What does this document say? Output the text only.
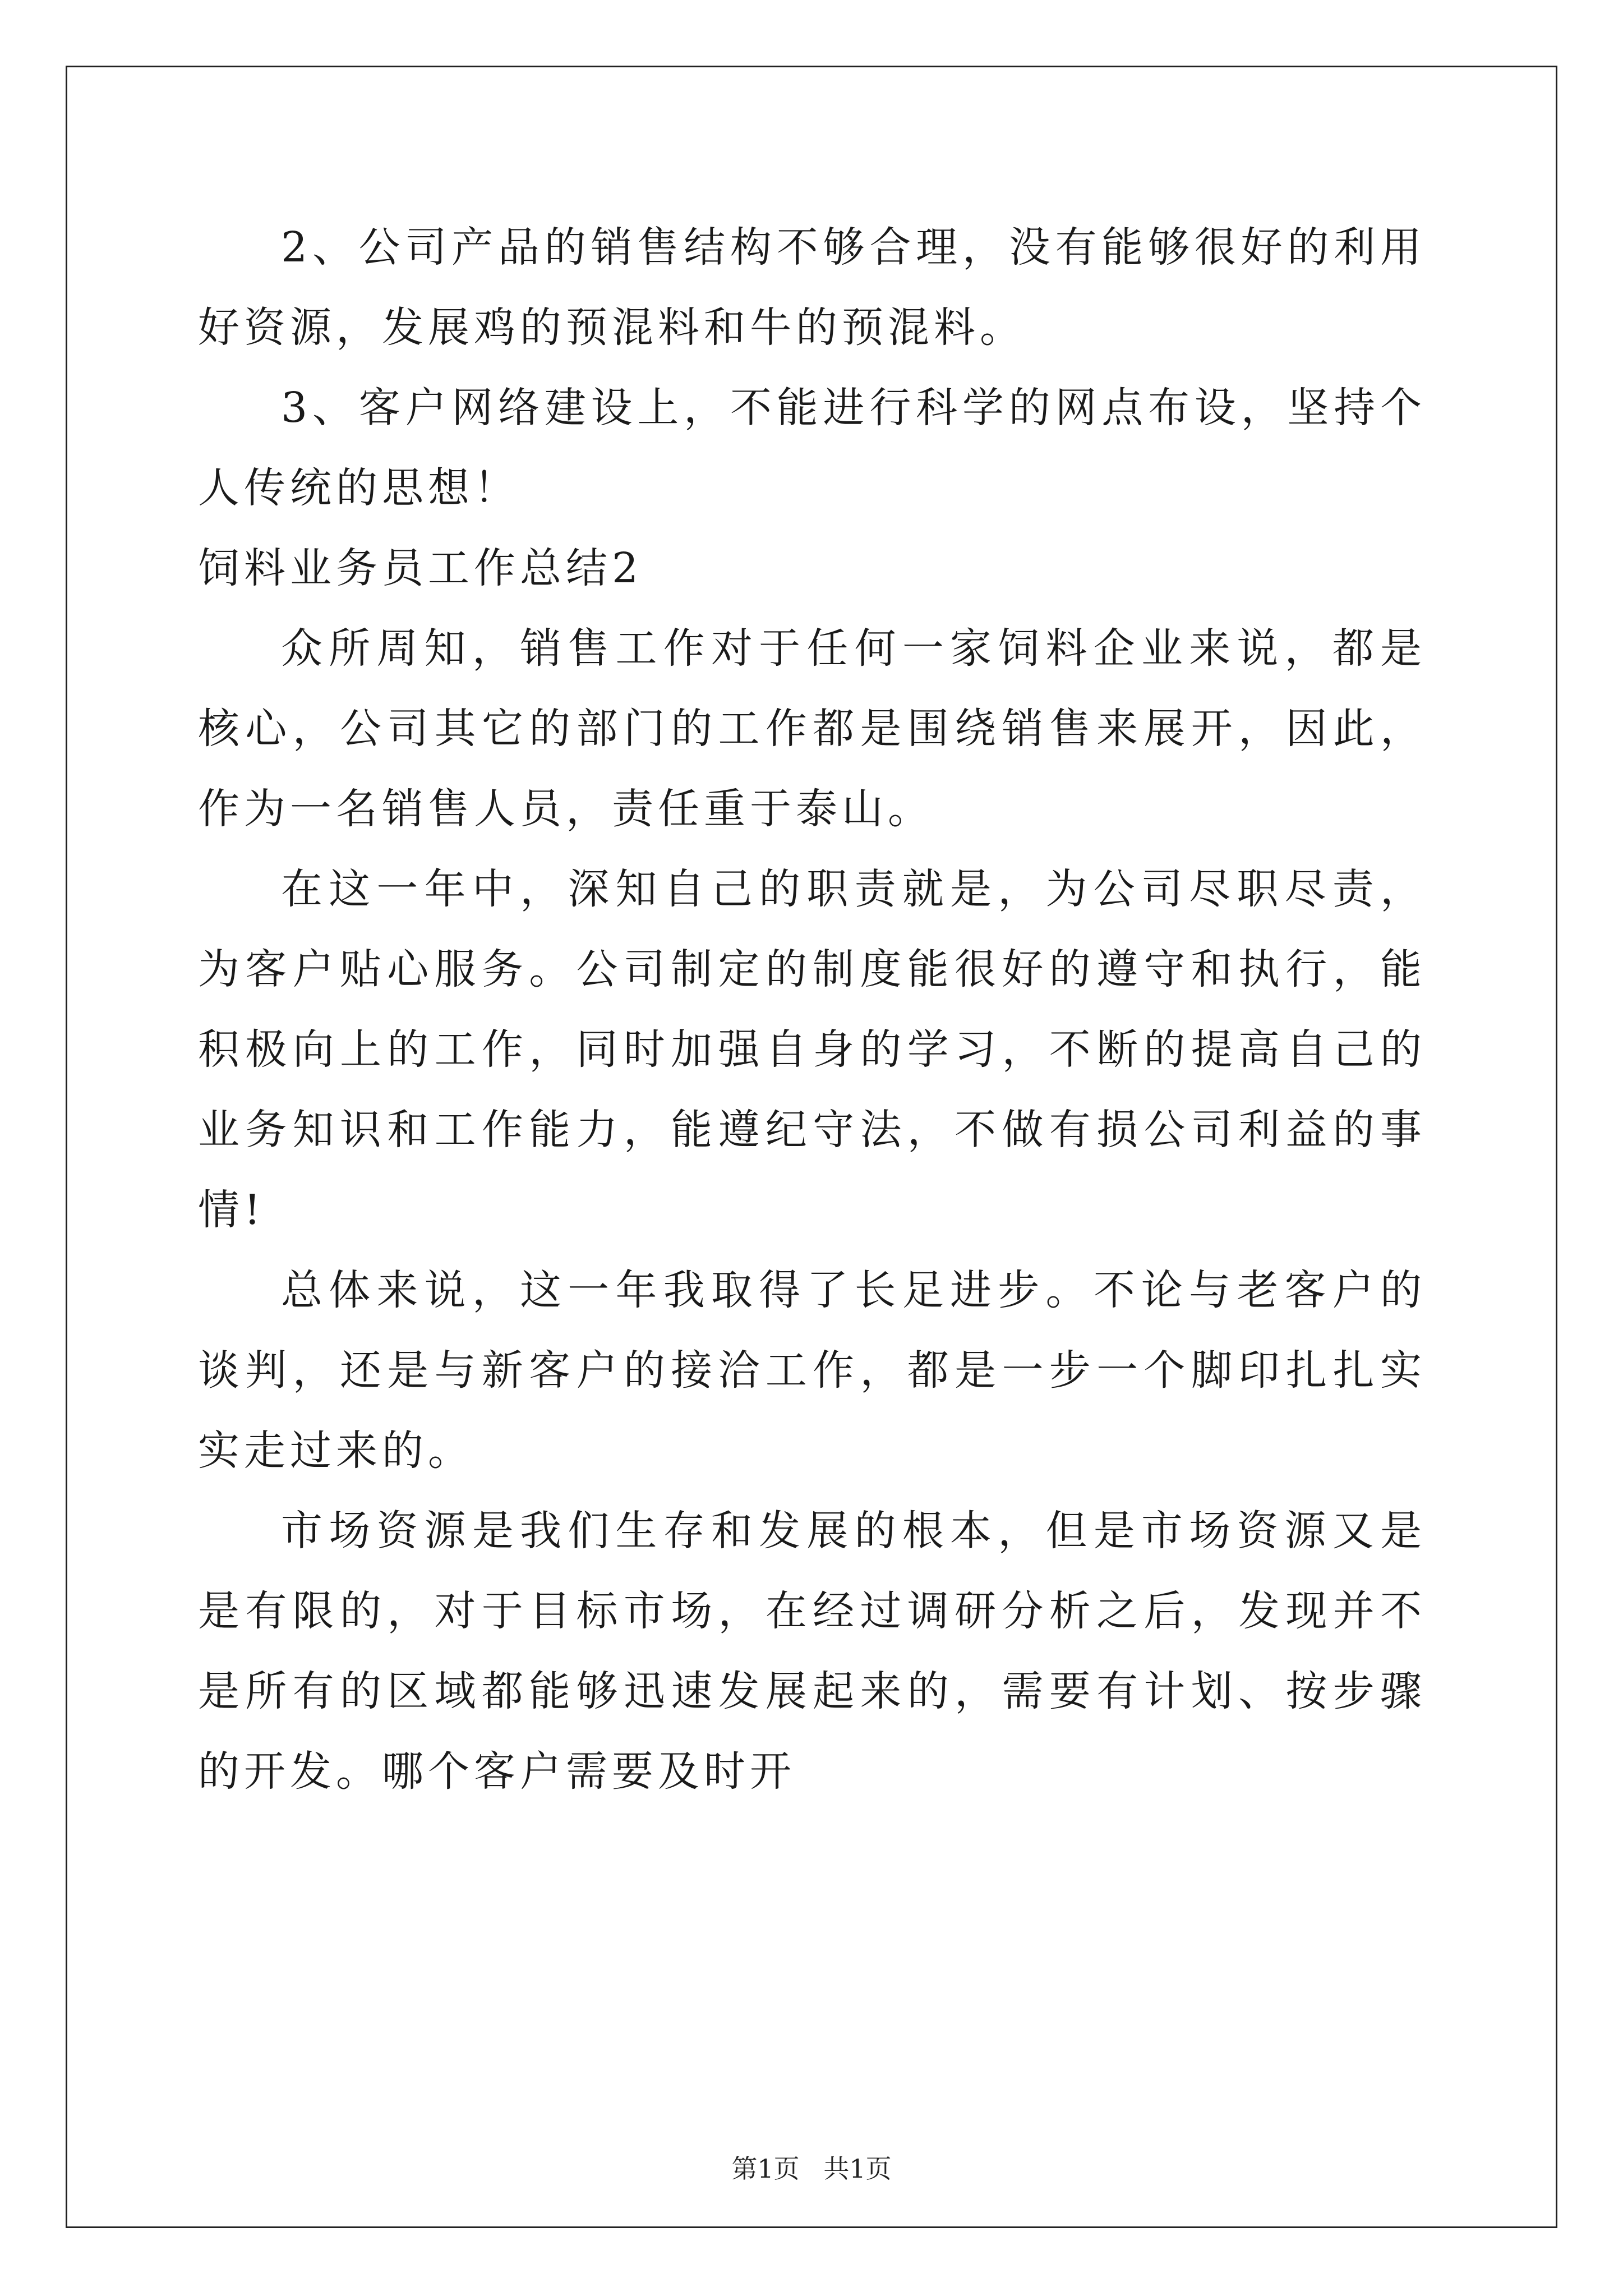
2、公司产品的销售结构不够合理，没有能够很好的利用好资源，发展鸡的预混料和牛的预混料。

3、客户网络建设上，不能进行科学的网点布设，坚持个人传统的思想！

饲料业务员工作总结2

众所周知，销售工作对于任何一家饲料企业来说，都是核心，公司其它的部门的工作都是围绕销售来展开，因此，作为一名销售人员，责任重于泰山。

在这一年中，深知自己的职责就是，为公司尽职尽责，为客户贴心服务。公司制定的制度能很好的遵守和执行，能积极向上的工作，同时加强自身的学习，不断的提高自己的业务知识和工作能力，能遵纪守法，不做有损公司利益的事情!

总体来说，这一年我取得了长足进步。不论与老客户的谈判，还是与新客户的接洽工作，都是一步一个脚印扎扎实实走过来的。

市场资源是我们生存和发展的根本，但是市场资源又是是有限的，对于目标市场，在经过调研分析之后，发现并不是所有的区域都能够迅速发展起来的，需要有计划、按步骤的开发。哪个客户需要及时开

第1页 共1页
